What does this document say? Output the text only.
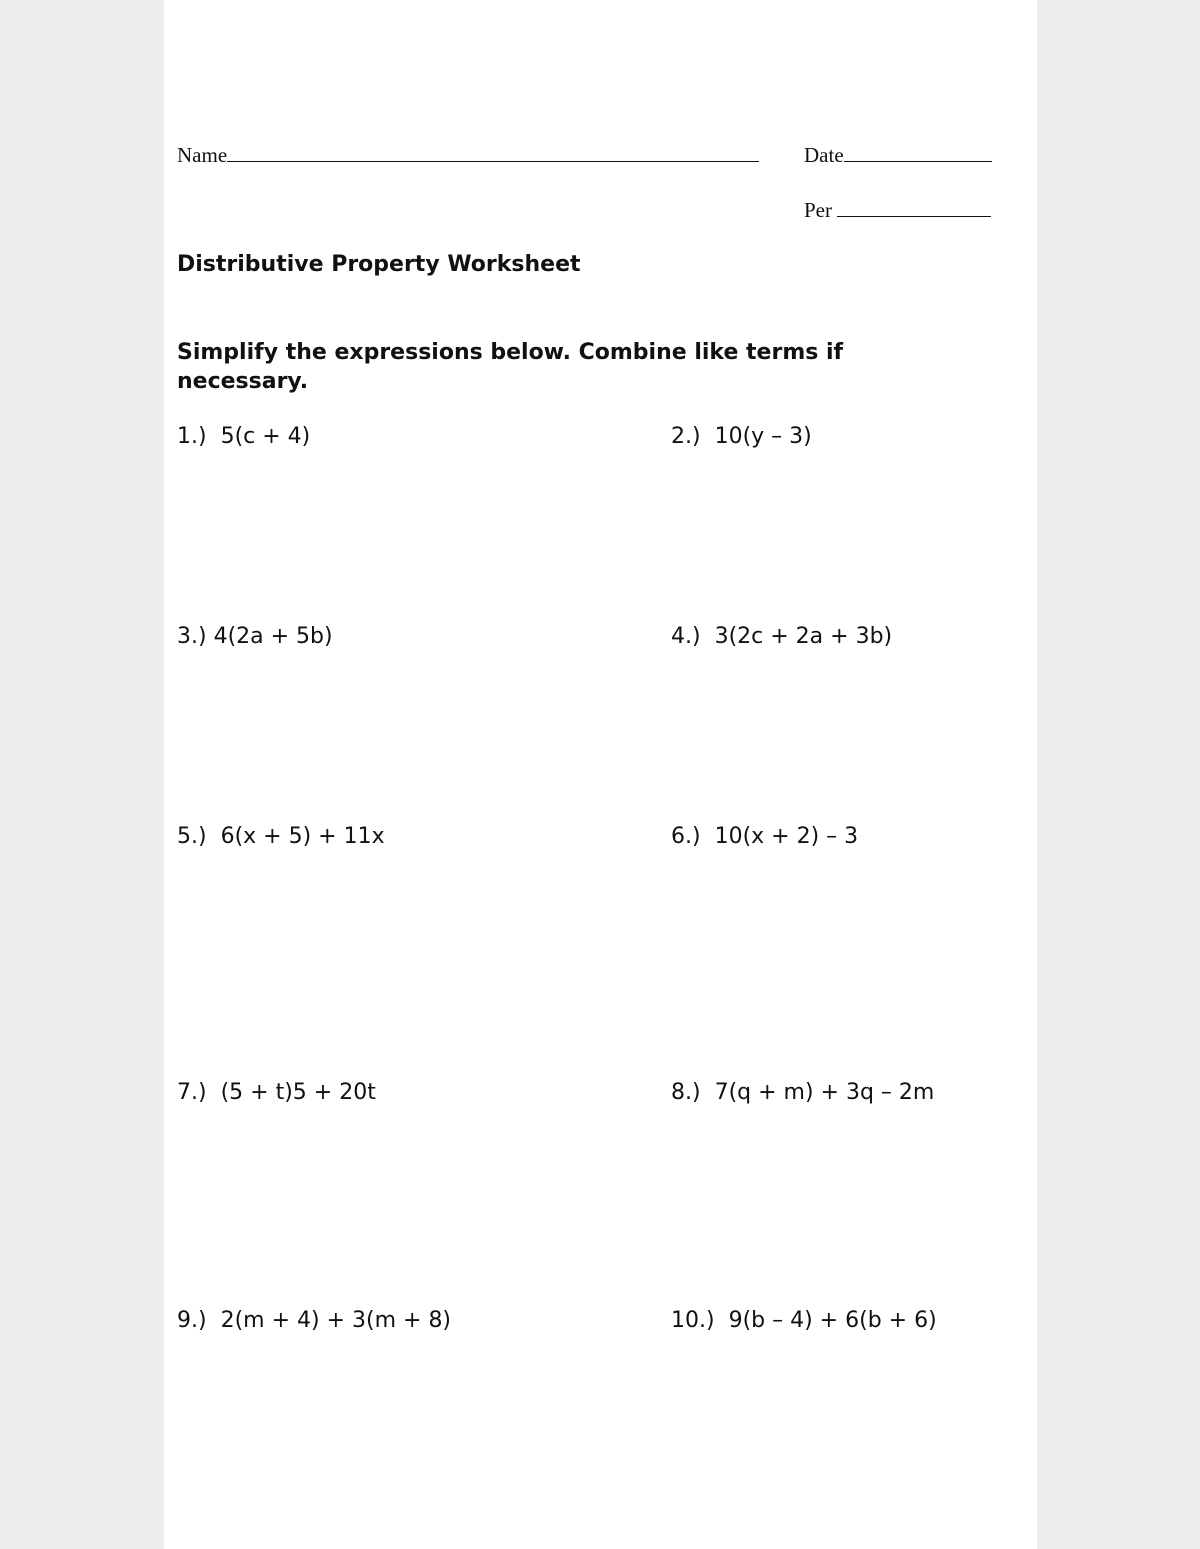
Name	Date
Per
Distributive Property Worksheet
Simplify the expressions below. Combine like terms if necessary.
1.) 5(c + 4)	2.) 10(y – 3)
3.) 4(2a + 5b)	4.) 3(2c + 2a + 3b)
5.) 6(x + 5) + 11x	6.) 10(x + 2) – 3
7.) (5 + t)5 + 20t	8.) 7(q + m) + 3q – 2m
9.) 2(m + 4) + 3(m + 8)	10.) 9(b – 4) + 6(b + 6)
